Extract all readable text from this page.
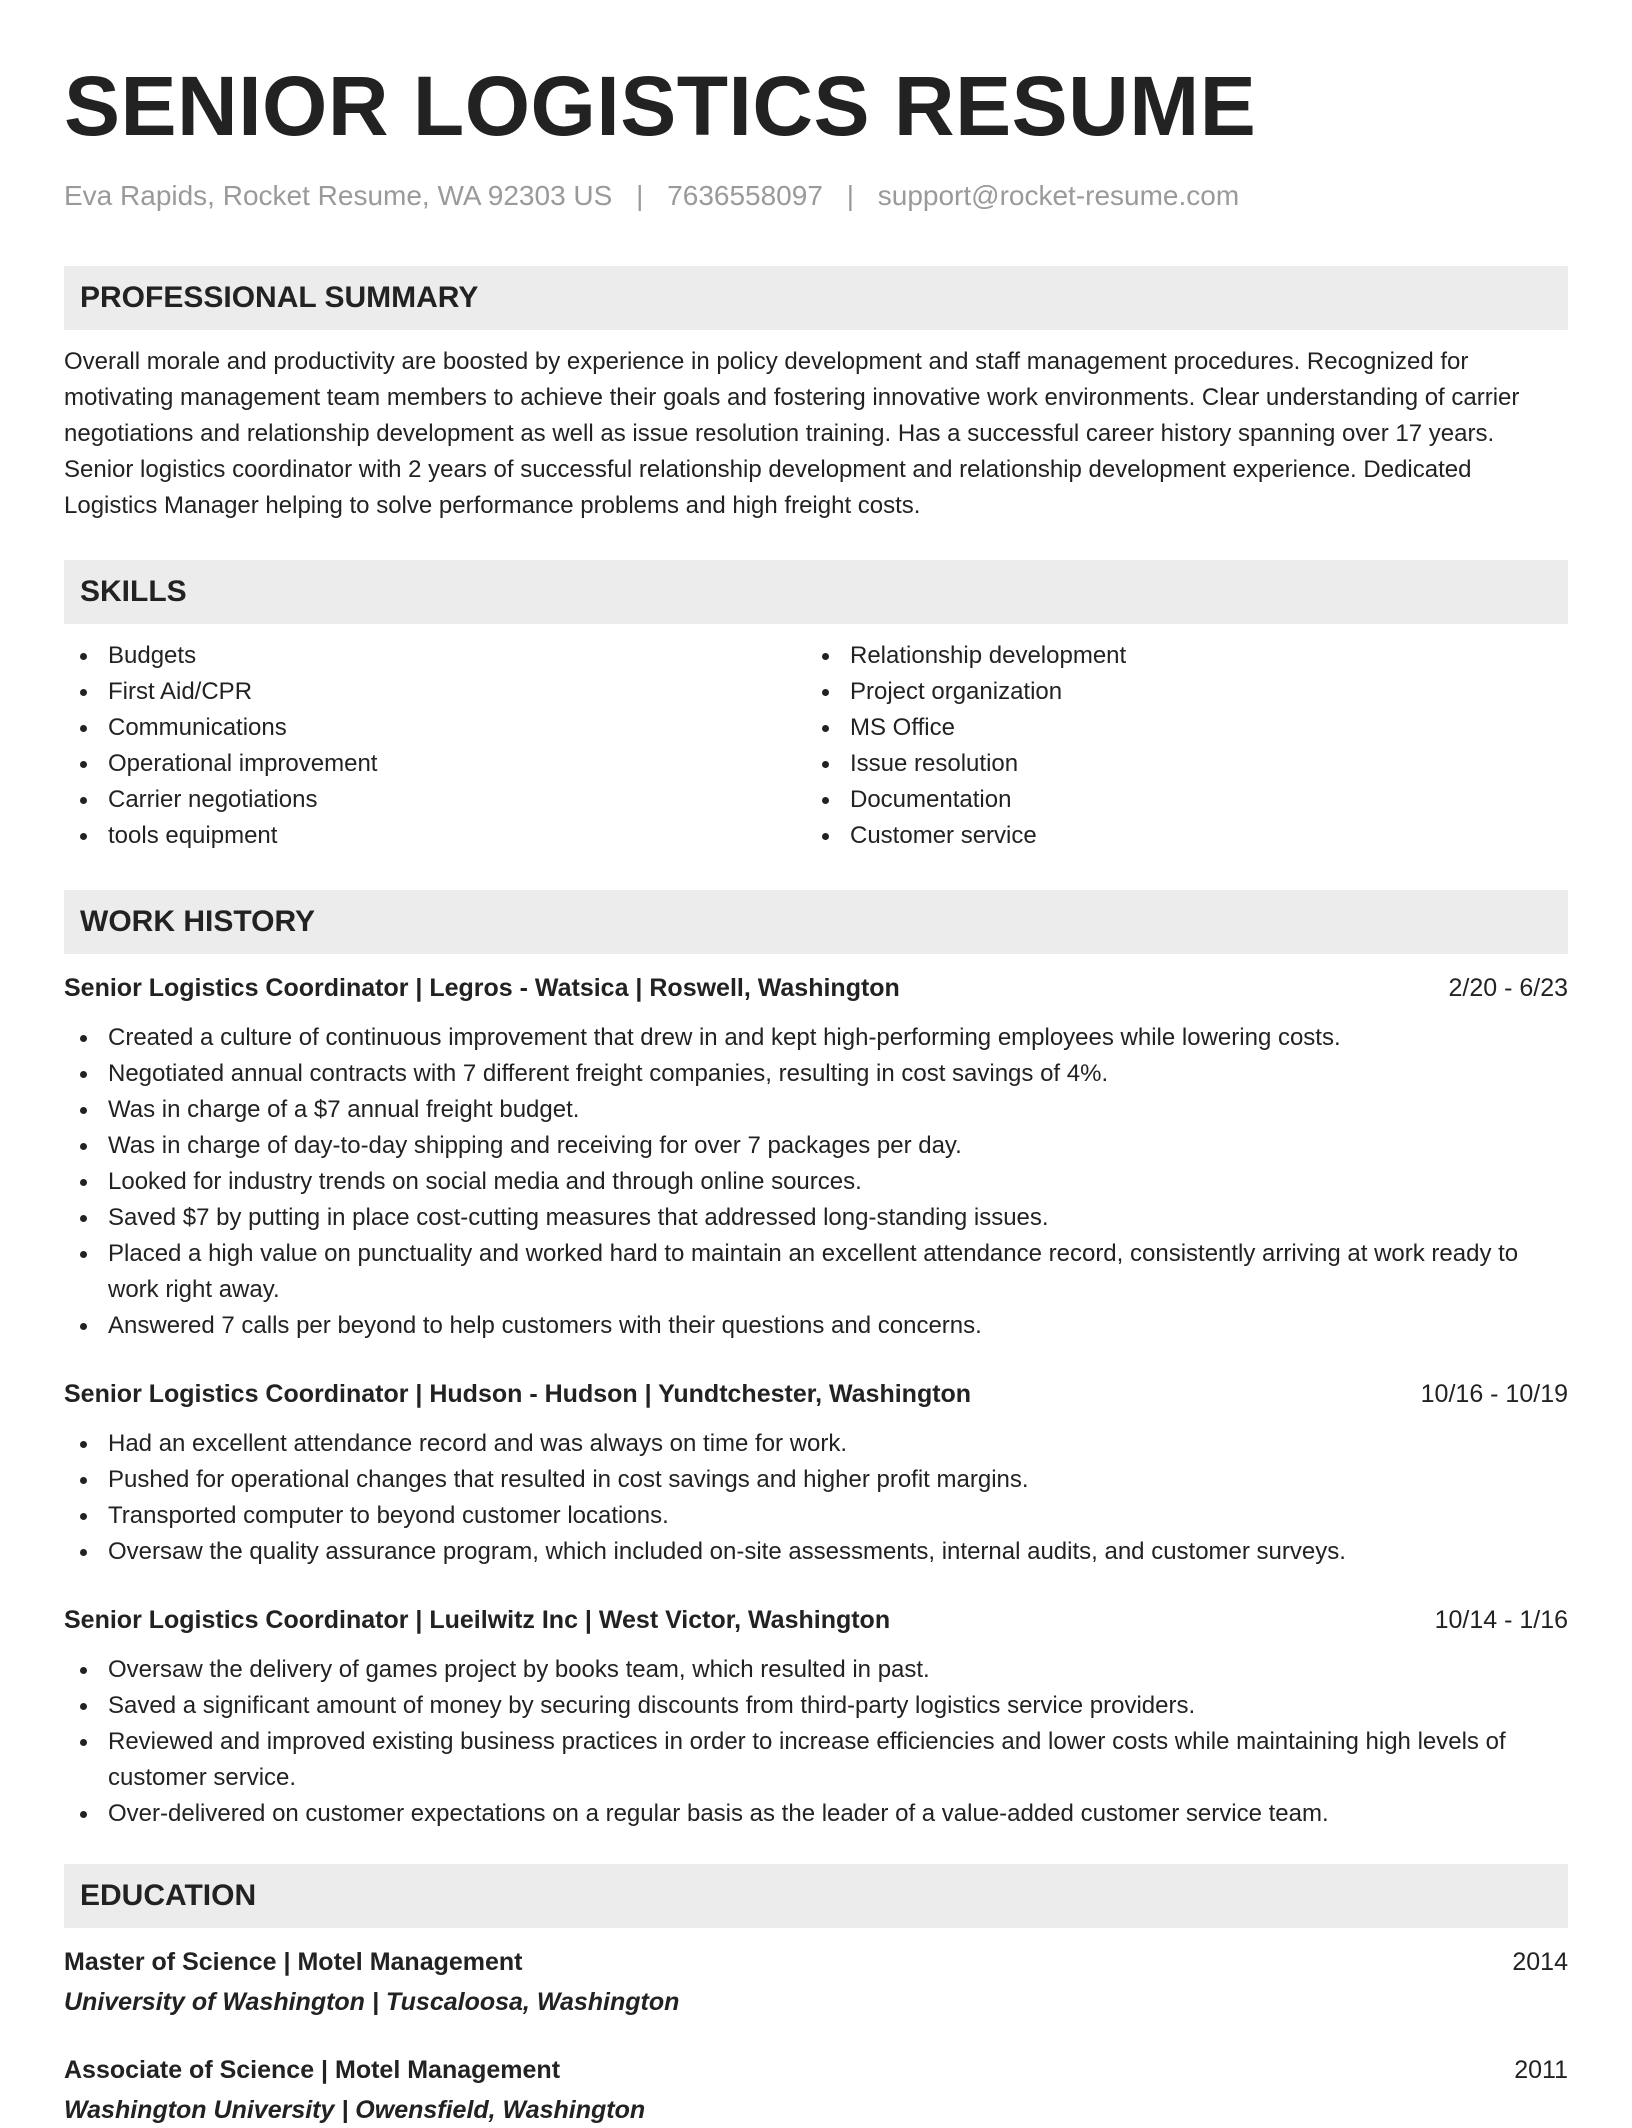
SENIOR LOGISTICS RESUME
Eva Rapids, Rocket Resume, WA 92303 US | 7636558097 | support@rocket-resume.com
PROFESSIONAL SUMMARY
Overall morale and productivity are boosted by experience in policy development and staff management procedures. Recognized for motivating management team members to achieve their goals and fostering innovative work environments. Clear understanding of carrier negotiations and relationship development as well as issue resolution training. Has a successful career history spanning over 17 years. Senior logistics coordinator with 2 years of successful relationship development and relationship development experience. Dedicated Logistics Manager helping to solve performance problems and high freight costs.
SKILLS
Budgets
First Aid/CPR
Communications
Operational improvement
Carrier negotiations
tools equipment
Relationship development
Project organization
MS Office
Issue resolution
Documentation
Customer service
WORK HISTORY
Senior Logistics Coordinator | Legros - Watsica | Roswell, Washington	2/20 - 6/23
Created a culture of continuous improvement that drew in and kept high-performing employees while lowering costs.
Negotiated annual contracts with 7 different freight companies, resulting in cost savings of 4%.
Was in charge of a $7 annual freight budget.
Was in charge of day-to-day shipping and receiving for over 7 packages per day.
Looked for industry trends on social media and through online sources.
Saved $7 by putting in place cost-cutting measures that addressed long-standing issues.
Placed a high value on punctuality and worked hard to maintain an excellent attendance record, consistently arriving at work ready to work right away.
Answered 7 calls per beyond to help customers with their questions and concerns.
Senior Logistics Coordinator | Hudson - Hudson | Yundtchester, Washington	10/16 - 10/19
Had an excellent attendance record and was always on time for work.
Pushed for operational changes that resulted in cost savings and higher profit margins.
Transported computer to beyond customer locations.
Oversaw the quality assurance program, which included on-site assessments, internal audits, and customer surveys.
Senior Logistics Coordinator | Lueilwitz Inc | West Victor, Washington	10/14 - 1/16
Oversaw the delivery of games project by books team, which resulted in past.
Saved a significant amount of money by securing discounts from third-party logistics service providers.
Reviewed and improved existing business practices in order to increase efficiencies and lower costs while maintaining high levels of customer service.
Over-delivered on customer expectations on a regular basis as the leader of a value-added customer service team.
EDUCATION
Master of Science | Motel Management	2014
University of Washington | Tuscaloosa, Washington
Associate of Science | Motel Management	2011
Washington University | Owensfield, Washington
